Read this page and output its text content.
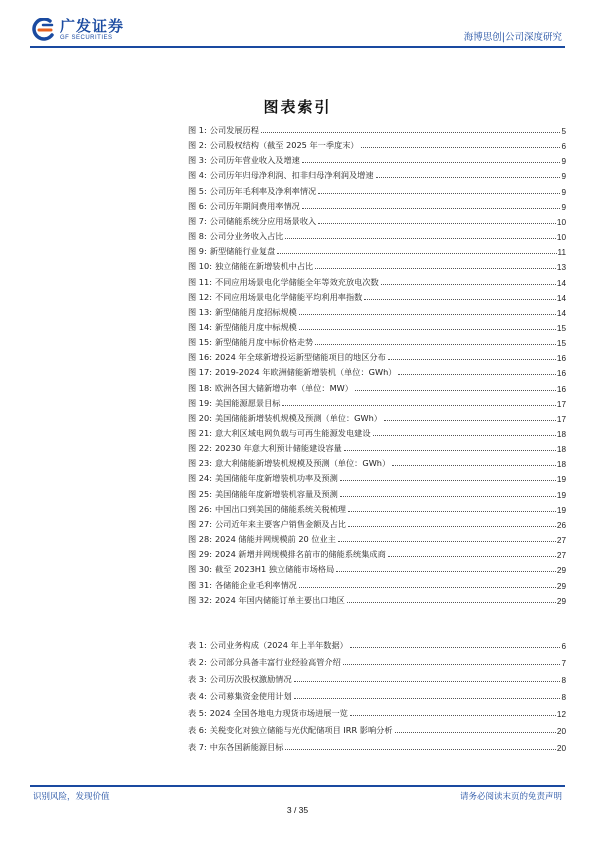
广发证券
GF SECURITIES	海博思创|公司深度研究
图表索引
图 1: 公司发展历程	5
图 2: 公司股权结构（截至 2025 年一季度末）	6
图 3: 公司历年营业收入及增速	9
图 4: 公司历年归母净利润、扣非归母净利润及增速	9
图 5: 公司历年毛利率及净利率情况	9
图 6: 公司历年期间费用率情况	9
图 7: 公司储能系统分应用场景收入	10
图 8: 公司分业务收入占比	10
图 9: 新型储能行业复盘	11
图 10: 独立储能在新增装机中占比	13
图 11: 不同应用场景电化学储能全年等效充放电次数	14
图 12: 不同应用场景电化学储能平均利用率指数	14
图 13: 新型储能月度招标规模	14
图 14: 新型储能月度中标规模	15
图 15: 新型储能月度中标价格走势	15
图 16: 2024 年全球新增投运新型储能项目的地区分布	16
图 17: 2019-2024 年欧洲储能新增装机（单位：GWh）	16
图 18: 欧洲各国大储新增功率（单位：MW）	16
图 19: 美国能源愿景目标	17
图 20: 美国储能新增装机规模及预测（单位：GWh）	17
图 21: 意大利区域电网负载与可再生能源发电建设	18
图 22: 20230 年意大利预计储能建设容量	18
图 23: 意大利储能新增装机规模及预测（单位：GWh）	18
图 24: 美国储能年度新增装机功率及预测	19
图 25: 美国储能年度新增装机容量及预测	19
图 26: 中国出口到美国的储能系统关税梳理	19
图 27: 公司近年来主要客户销售金额及占比	26
图 28: 2024 储能并网规模前 20 位业主	27
图 29: 2024 新增并网规模排名前市的储能系统集成商	27
图 30: 截至 2023H1 独立储能市场格局	29
图 31: 各储能企业毛利率情况	29
图 32: 2024 年国内储能订单主要出口地区	29
表 1: 公司业务构成（2024 年上半年数据）	6
表 2: 公司部分具备丰富行业经验高管介绍	7
表 3: 公司历次股权激励情况	8
表 4: 公司募集资金使用计划	8
表 5: 2024 全国各地电力现货市场进展一览	12
表 6: 关税变化对独立储能与光伏配储项目 IRR 影响分析	20
表 7: 中东各国新能源目标	20
识别风险，发现价值	请务必阅读末页的免责声明
3 / 35
